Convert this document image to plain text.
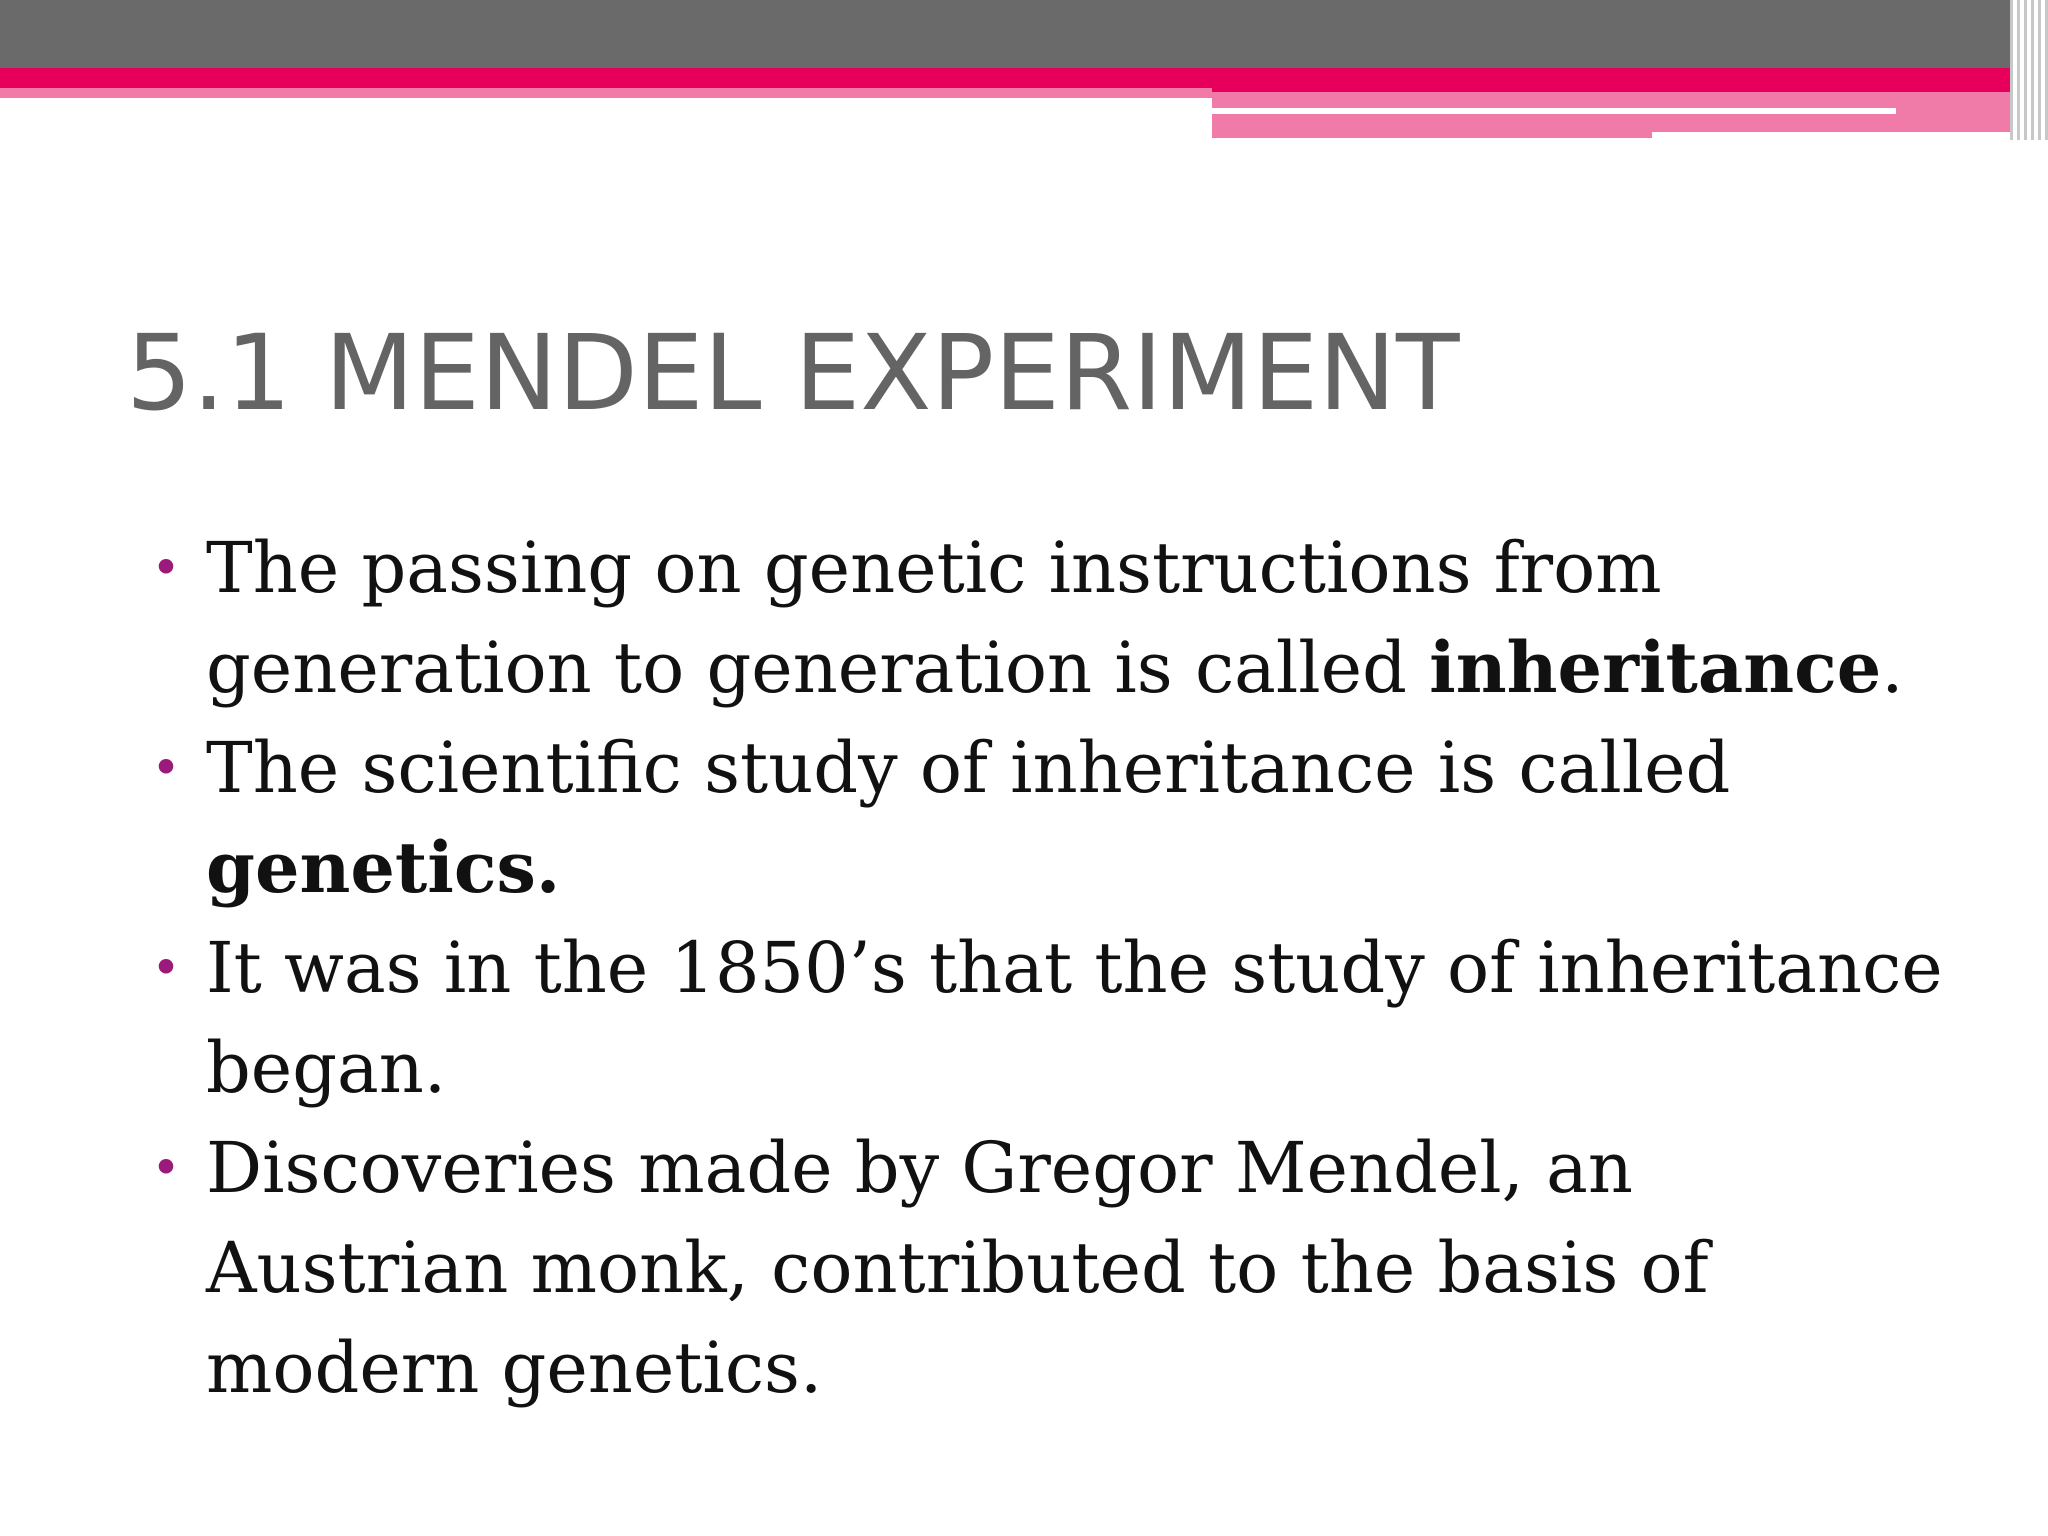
5.1 MENDEL EXPERIMENT
• The passing on genetic instructions from generation to generation is called inheritance.
• The scientific study of inheritance is called genetics.
• It was in the 1850’s that the study of inheritance began.
• Discoveries made by Gregor Mendel, an Austrian monk, contributed to the basis of modern genetics.
